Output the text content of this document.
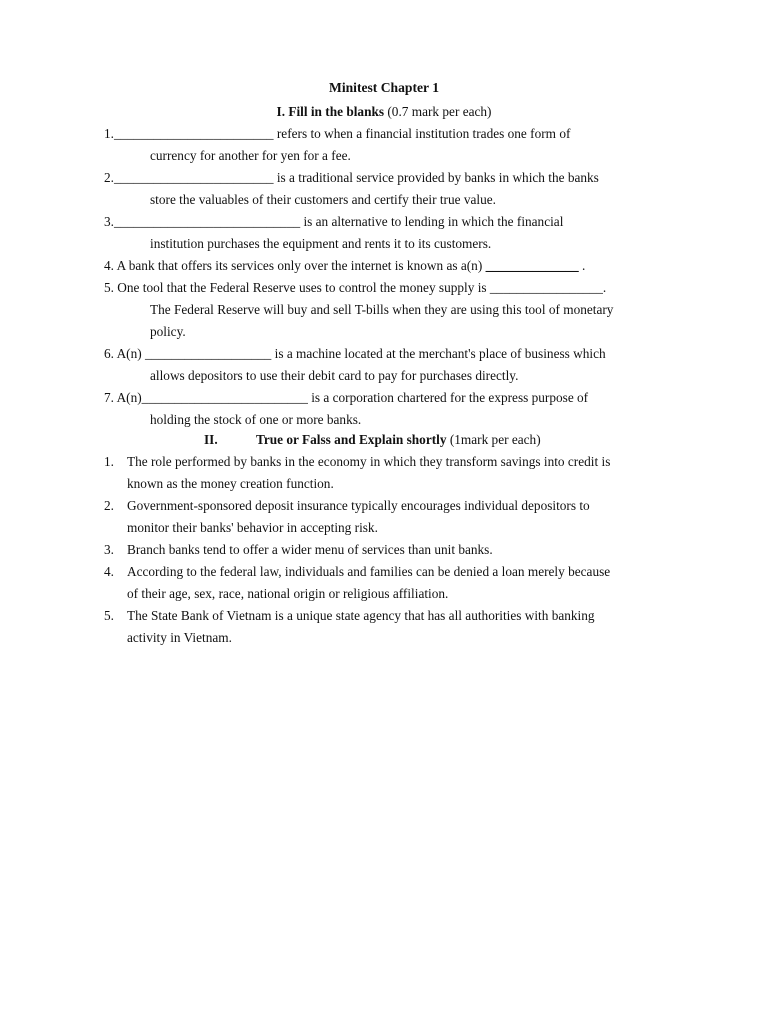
Minitest Chapter 1
I. Fill in the blanks (0.7 mark per each)
1.________________________ refers to when a financial institution trades one form of
currency for another for yen for a fee.
2.________________________ is a traditional service provided by banks in which the banks
store the valuables of their customers and certify their true value.
3.____________________________ is an alternative to lending in which the financial
institution purchases the equipment and rents it to its customers.
4. A bank that offers its services only over the internet is known as a(n) ______________ .
5. One tool that the Federal Reserve uses to control the money supply is _________________.
The Federal Reserve will buy and sell T-bills when they are using this tool of monetary
policy.
6. A(n) ___________________ is a machine located at the merchant's place of business which
allows depositors to use their debit card to pay for purchases directly.
7. A(n)_________________________ is a corporation chartered for the express purpose of
holding the stock of one or more banks.
II.	True or Falss and Explain shortly (1mark per each)
1. The role performed by banks in the economy in which they transform savings into credit is
known as the money creation function.
2. Government-sponsored deposit insurance typically encourages individual depositors to
monitor their banks' behavior in accepting risk.
3. Branch banks tend to offer a wider menu of services than unit banks.
4. According to the federal law, individuals and families can be denied a loan merely because
of their age, sex, race, national origin or religious affiliation.
5. The State Bank of Vietnam is a unique state agency that has all authorities with banking
activity in Vietnam.
